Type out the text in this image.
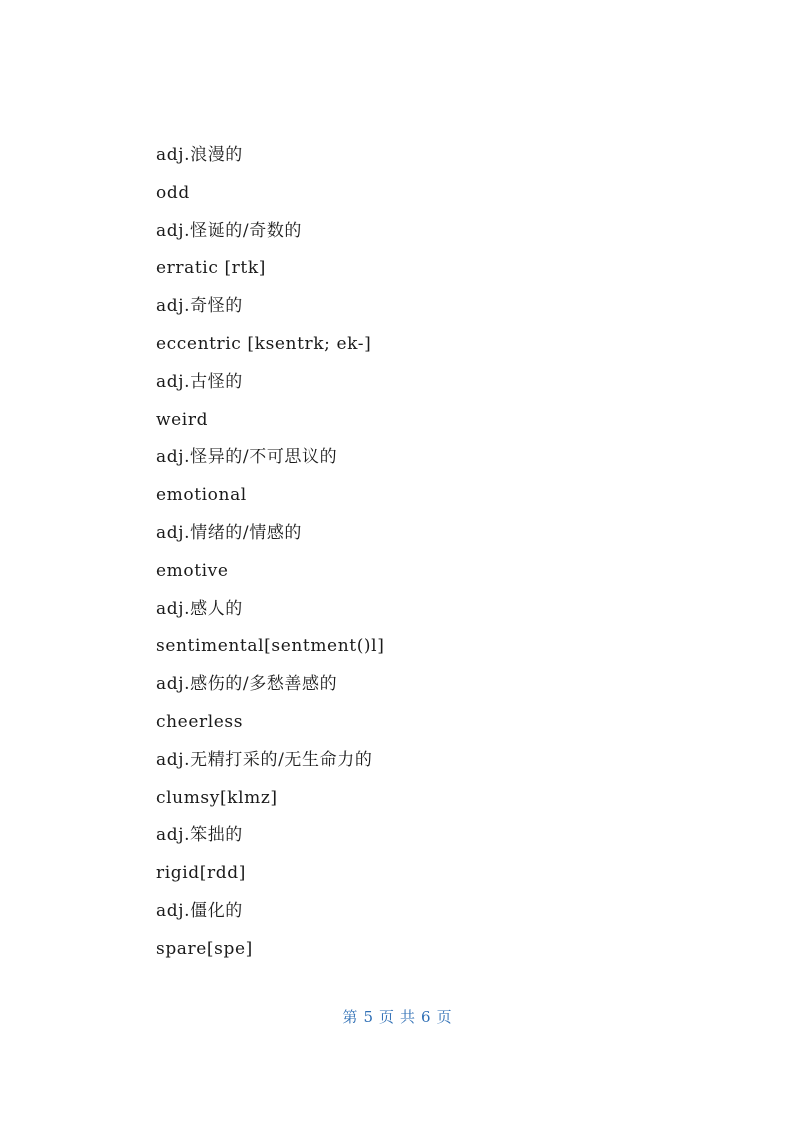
adj.浪漫的
odd
adj.怪诞的/奇数的
erratic [rtk]
adj.奇怪的
eccentric [ksentrk; ek-]
adj.古怪的
weird
adj.怪异的/不可思议的
emotional
adj.情绪的/情感的
emotive
adj.感人的
sentimental[sentment()l]
adj.感伤的/多愁善感的
cheerless
adj.无精打采的/无生命力的
clumsy[klmz]
adj.笨拙的
rigid[rdd]
adj.僵化的
spare[spe]
第 5 页 共 6 页
